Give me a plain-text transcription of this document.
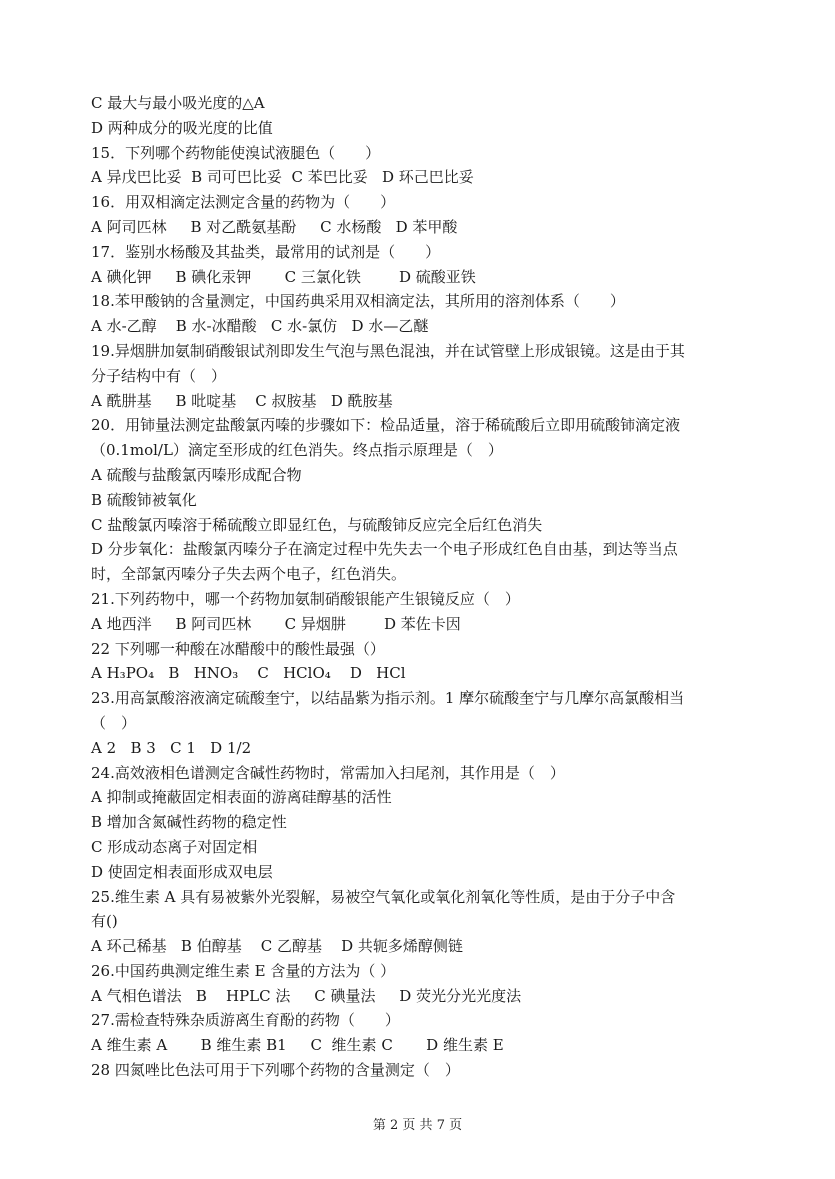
C 最大与最小吸光度的△A
D 两种成分的吸光度的比值
15．下列哪个药物能使溴试液腿色（　　）
A 异戊巴比妥  B 司可巴比妥  C 苯巴比妥   D 环己巴比妥
16．用双相滴定法测定含量的药物为（　　）
A 阿司匹林     B 对乙酰氨基酚     C 水杨酸   D 苯甲酸
17．鉴别水杨酸及其盐类，最常用的试剂是（　　）
A 碘化钾     B 碘化汞钾       C 三氯化铁        D 硫酸亚铁
18.苯甲酸钠的含量测定，中国药典采用双相滴定法，其所用的溶剂体系（　　）
A 水-乙醇    B 水-冰醋酸   C 水-氯仿   D 水—乙醚
19.异烟肼加氨制硝酸银试剂即发生气泡与黑色混浊，并在试管壁上形成银镜。这是由于其
分子结构中有（　）
A 酰肼基     B 吡啶基    C 叔胺基   D 酰胺基
20．用铈量法测定盐酸氯丙嗪的步骤如下：检品适量，溶于稀硫酸后立即用硫酸铈滴定液
（0.1mol/L）滴定至形成的红色消失。终点指示原理是（　）
A 硫酸与盐酸氯丙嗪形成配合物
B 硫酸铈被氧化
C 盐酸氯丙嗪溶于稀硫酸立即显红色，与硫酸铈反应完全后红色消失
D 分步氧化：盐酸氯丙嗪分子在滴定过程中先失去一个电子形成红色自由基，到达等当点
时，全部氯丙嗪分子失去两个电子，红色消失。
21.下列药物中，哪一个药物加氨制硝酸银能产生银镜反应（　）
A 地西泮     B 阿司匹林       C 异烟肼        D 苯佐卡因
22 下列哪一种酸在冰醋酸中的酸性最强（）
A H₃PO₄   B   HNO₃    C   HClO₄    D   HCl
23.用高氯酸溶液滴定硫酸奎宁，以结晶紫为指示剂。1 摩尔硫酸奎宁与几摩尔高氯酸相当
（　）
A 2   B 3   C 1   D 1/2
24.高效液相色谱测定含碱性药物时，常需加入扫尾剂，其作用是（　）
A 抑制或掩蔽固定相表面的游离硅醇基的活性
B 增加含氮碱性药物的稳定性
C 形成动态离子对固定相
D 使固定相表面形成双电层
25.维生素 A 具有易被紫外光裂解，易被空气氧化或氧化剂氧化等性质，是由于分子中含
有()
A 环己稀基   B 伯醇基    C 乙醇基    D 共轭多烯醇侧链
26.中国药典测定维生素 E 含量的方法为（ ）
A 气相色谱法   B    HPLC 法     C 碘量法     D 荧光分光光度法
27.需检查特殊杂质游离生育酚的药物（　　）
A 维生素 A       B 维生素 B1     C  维生素 C       D 维生素 E
28 四氮唑比色法可用于下列哪个药物的含量测定（　）
第 2 页 共 7 页
